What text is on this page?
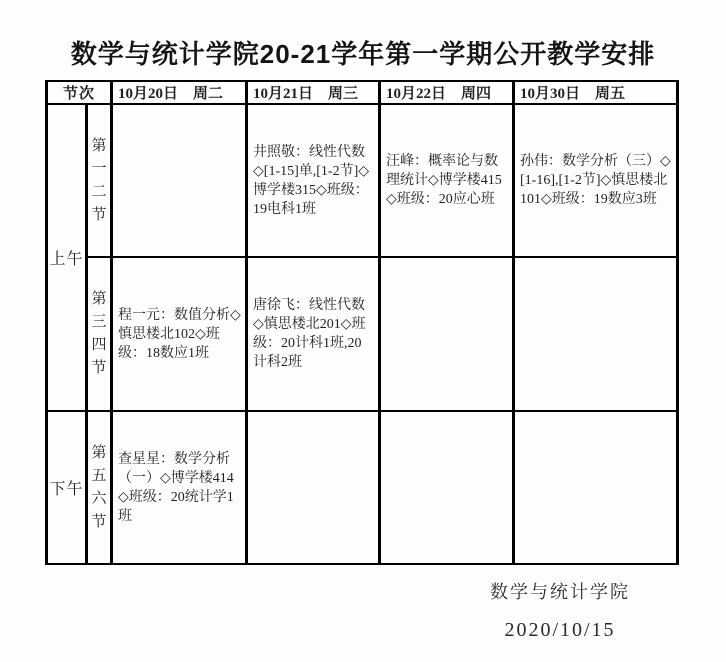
数学与统计学院20-21学年第一学期公开教学安排
节次		10月20日　周二	10月21日　周三	10月22日　周四	10月30日　周五
上午	第一二节		井照敬：线性代数◇[1-15]单,[1-2节]◇博学楼315◇班级：19电科1班	汪峰：概率论与数理统计◇博学楼415◇班级：20应心班	孙伟：数学分析（三）◇[1-16],[1-2节]◇慎思楼北101◇班级：19数应3班
	第三四节	程一元：数值分析◇慎思楼北102◇班级：18数应1班	唐徐飞：线性代数◇慎思楼北201◇班级：20计科1班,20计科2班		
下午	第五六节	查星星：数学分析（一）◇博学楼414◇班级：20统计学1班			
数学与统计学院
2020/10/15
